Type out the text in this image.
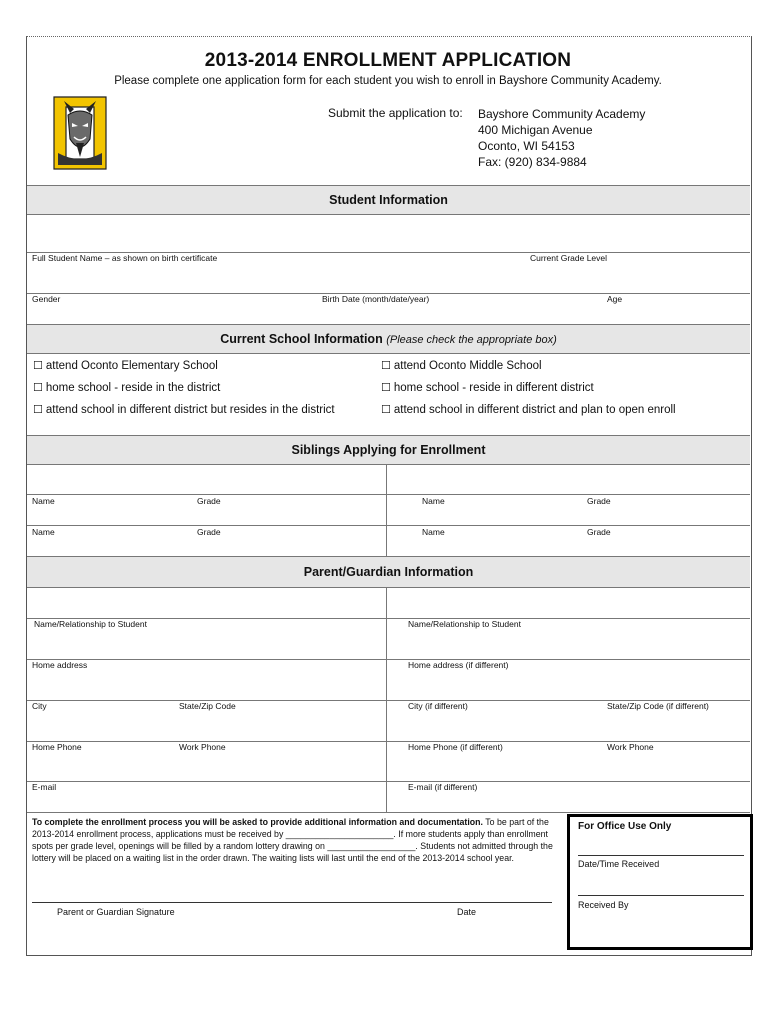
2013-2014 ENROLLMENT APPLICATION
Please complete one application form for each student you wish to enroll in Bayshore Community Academy.
Submit the application to: Bayshore Community Academy
400 Michigan Avenue
Oconto, WI 54153
Fax: (920) 834-9884
Student Information
Full Student Name – as shown on birth certificate	Current Grade Level
Gender	Birth Date (month/date/year)	Age
Current School Information (Please check the appropriate box)
☐ attend Oconto Elementary School	☐ attend Oconto Middle School
☐ home school - reside in the district	☐ home school - reside in different district
☐ attend school in different district but resides in the district	☐ attend school in different district and plan to open enroll
Siblings Applying for Enrollment
Name	Grade	Name	Grade
Name	Grade	Name	Grade
Parent/Guardian Information
Name/Relationship to Student	Name/Relationship to Student
Home address	Home address (if different)
City	State/Zip Code	City (if different)	State/Zip Code (if different)
Home Phone	Work Phone	Home Phone (if different)	Work Phone
E-mail	E-mail (if different)
To complete the enrollment process you will be asked to provide additional information and documentation. To be part of the 2013-2014 enrollment process, applications must be received by ______________________. If more students apply than enrollment spots per grade level, openings will be filled by a random lottery drawing on __________________. Students not admitted through the lottery will be placed on a waiting list in the order drawn. The waiting lists will last until the end of the 2013-2014 school year.
Parent or Guardian Signature	Date
For Office Use Only
Date/Time Received
Received By
